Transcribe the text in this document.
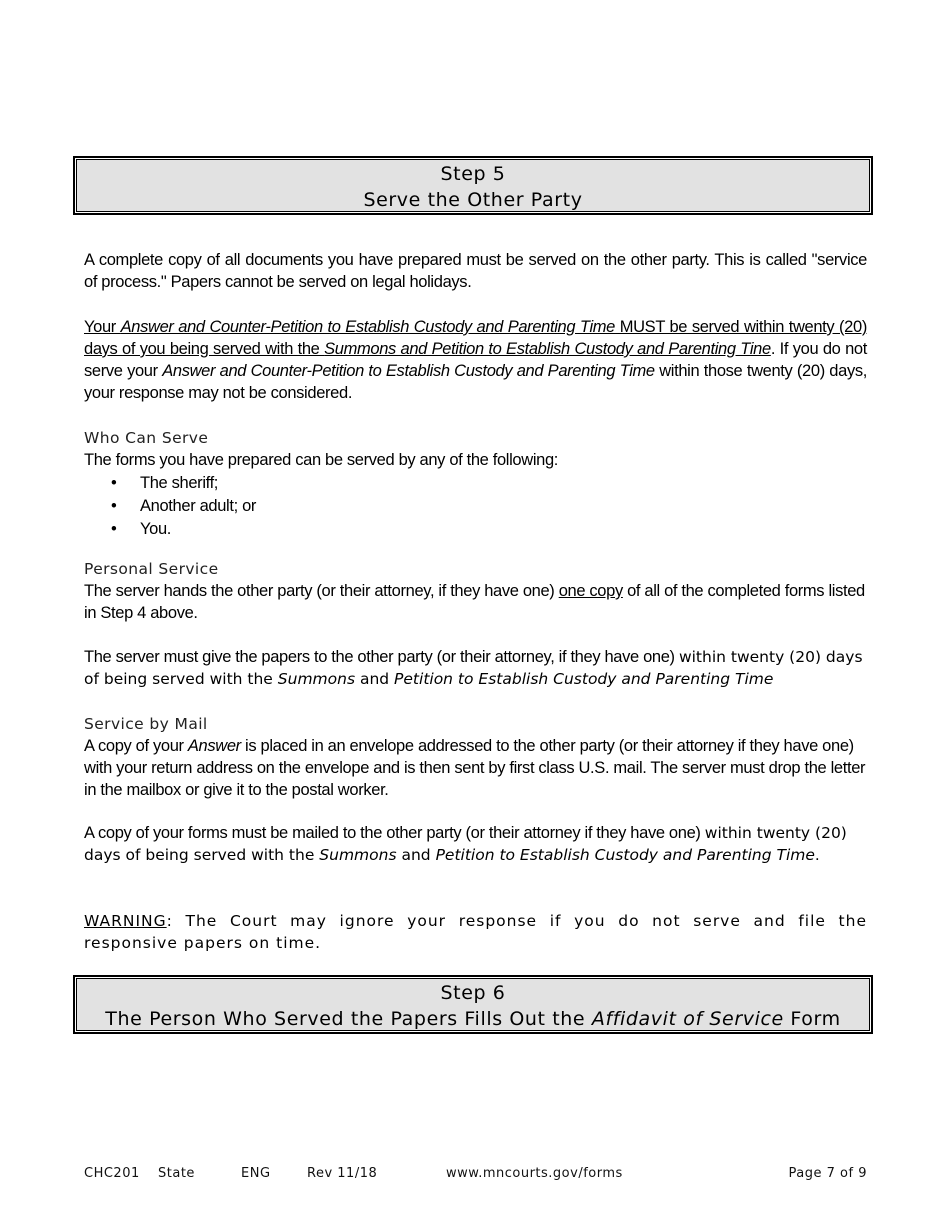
Step 5
Serve the Other Party

A complete copy of all documents you have prepared must be served on the other party. This is called "service of process." Papers cannot be served on legal holidays.

Your Answer and Counter-Petition to Establish Custody and Parenting Time MUST be served within twenty (20) days of you being served with the Summons and Petition to Establish Custody and Parenting Tine. If you do not serve your Answer and Counter-Petition to Establish Custody and Parenting Time within those twenty (20) days, your response may not be considered.

Who Can Serve
The forms you have prepared can be served by any of the following:
• The sheriff;
• Another adult; or
• You.
Personal Service

The server hands the other party (or their attorney, if they have one) one copy of all of the completed forms listed in Step 4 above.

The server must give the papers to the other party (or their attorney, if they have one) within twenty (20) days of being served with the Summons and Petition to Establish Custody and Parenting Time

Service by Mail

A copy of your Answer is placed in an envelope addressed to the other party (or their attorney if they have one) with your return address on the envelope and is then sent by first class U.S. mail. The server must drop the letter in the mailbox or give it to the postal worker.

A copy of your forms must be mailed to the other party (or their attorney if they have one) within twenty (20) days of being served with the Summons and Petition to Establish Custody and Parenting Time.

WARNING: The Court may ignore your response if you do not serve and file the responsive papers on time.

Step 6
The Person Who Served the Papers Fills Out the Affidavit of Service Form
CHC201 State	ENG	Rev 11/18	www.mncourts.gov/forms	Page 7 of 9
